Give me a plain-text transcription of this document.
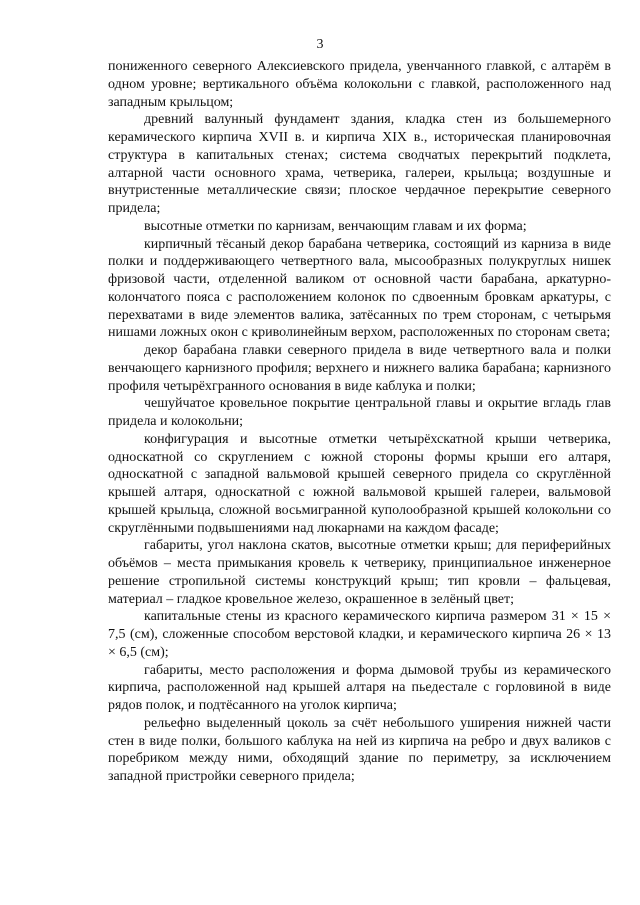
3

пониженного северного Алексиевского придела, увенчанного главкой, с алтарём в одном уровне; вертикального объёма колокольни с главкой, расположенного над западным крыльцом;

древний валунный фундамент здания, кладка стен из большемерного керамического кирпича XVII в. и кирпича XIX в., историческая планировочная структура в капитальных стенах; система сводчатых перекрытий подклета, алтарной части основного храма, четверика, галереи, крыльца; воздушные и внутристенные металлические связи; плоское чердачное перекрытие северного придела;

высотные отметки по карнизам, венчающим главам и их форма;

кирпичный тёсаный декор барабана четверика, состоящий из карниза в виде полки и поддерживающего четвертного вала, мысообразных полукруглых нишек фризовой части, отделенной валиком от основной части барабана, аркатурно-колончатого пояса с расположением колонок по сдвоенным бровкам аркатуры, с перехватами в виде элементов валика, затёсанных по трем сторонам, с четырьмя нишами ложных окон с криволинейным верхом, расположенных по сторонам света;

декор барабана главки северного придела в виде четвертного вала и полки венчающего карнизного профиля; верхнего и нижнего валика барабана; карнизного профиля четырёхгранного основания в виде каблука и полки;

чешуйчатое кровельное покрытие центральной главы и окрытие вгладь глав придела и колокольни;

конфигурация и высотные отметки четырёхскатной крыши четверика, односкатной со скруглением с южной стороны формы крыши его алтаря, односкатной с западной вальмовой крышей северного придела со скруглённой крышей алтаря, односкатной с южной вальмовой крышей галереи, вальмовой крышей крыльца, сложной восьмигранной куполообразной крышей колокольни со скруглёнными подвышениями над люкарнами на каждом фасаде;

габариты, угол наклона скатов, высотные отметки крыш; для периферийных объёмов – места примыкания кровель к четверику, принципиальное инженерное решение стропильной системы конструкций крыш; тип кровли – фальцевая, материал – гладкое кровельное железо, окрашенное в зелёный цвет;

капитальные стены из красного керамического кирпича размером 31 × 15 × 7,5 (см), сложенные способом верстовой кладки, и керамического кирпича 26 × 13 × 6,5 (см);

габариты, место расположения и форма дымовой трубы из керамического кирпича, расположенной над крышей алтаря на пьедестале с горловиной в виде рядов полок, и подтёсанного на уголок кирпича;

рельефно выделенный цоколь за счёт небольшого уширения нижней части стен в виде полки, большого каблука на ней из кирпича на ребро и двух валиков с поребриком между ними, обходящий здание по периметру, за исключением западной пристройки северного придела;
